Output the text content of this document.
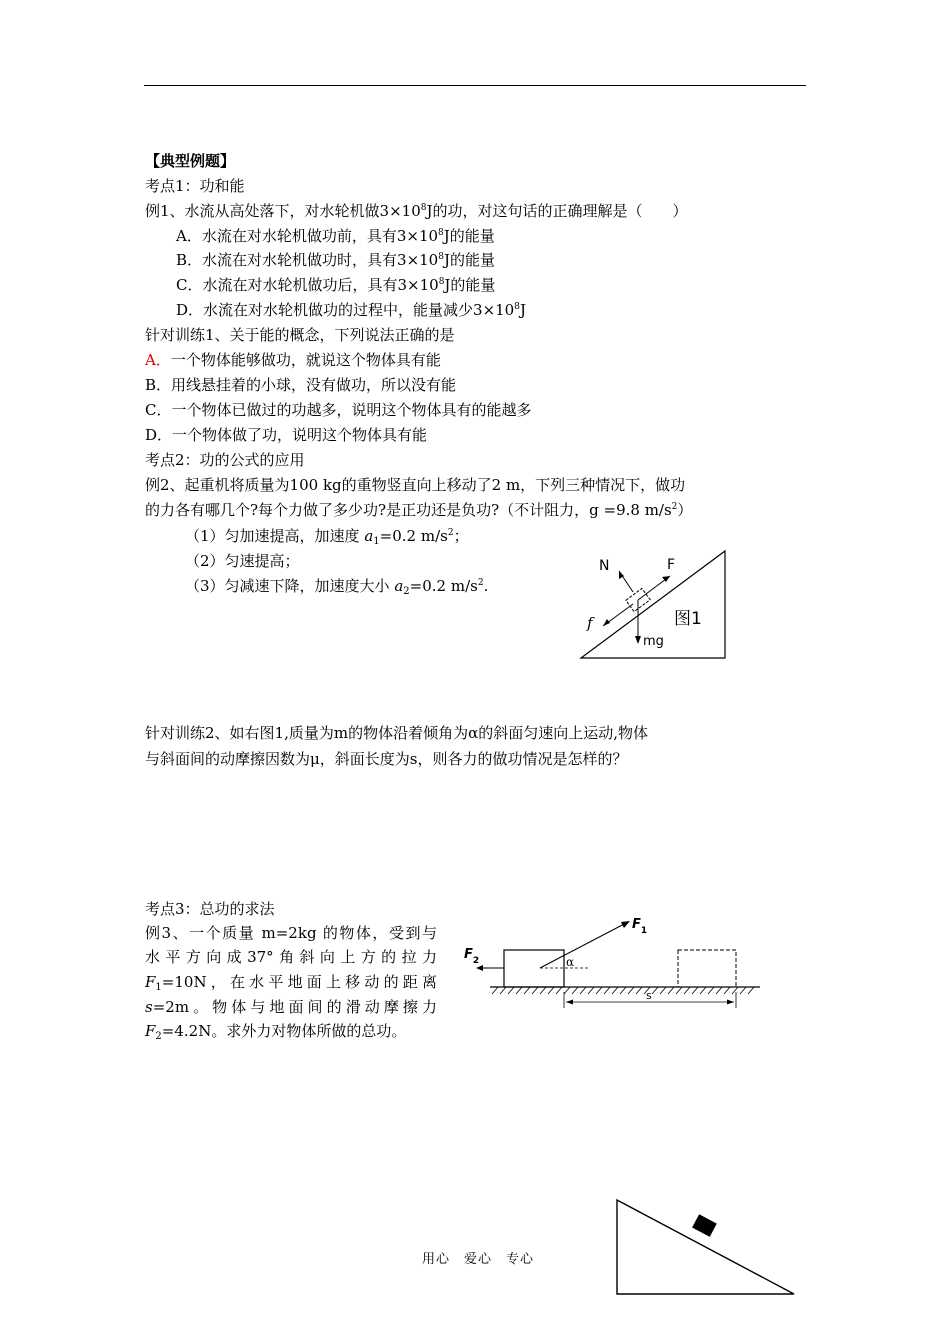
【典型例题】
考点1：功和能
例1、水流从高处落下，对水轮机做$3\times 10^8J$的功，对这句话的正确理解是（　　）
A．水流在对水轮机做功前，具有$3\times 10^8J$的能量
B．水流在对水轮机做功时，具有$3\times 10^8J$的能量
C．水流在对水轮机做功后，具有$3\times 10^8J$的能量
D．水流在对水轮机做功的过程中，能量减少$3\times 10^8J$
针对训练1、关于能的概念，下列说法正确的是
A．一个物体能够做功，就说这个物体具有能
B．用线悬挂着的小球，没有做功，所以没有能
C．一个物体已做过的功越多，说明这个物体具有的能越多
D．一个物体做了功，说明这个物体具有能
考点2：功的公式的应用
例2、起重机将质量为100 kg的重物竖直向上移动了2 m，下列三种情况下，做功
的力各有哪几个?每个力做了多少功?是正功还是负功?（不计阻力，g =9.8 $m/s^2$）
（1）匀加速提高，加速度 $a_1=0.2$ $m/s^2$；
（2）匀速提高；
（3）匀减速下降，加速度大小 $a_2=0.2$ $m/s^2$.
N	F
f
mg
图1
针对训练2、如右图1,质量为m的物体沿着倾角为α的斜面匀速向上运动,物体
与斜面间的动摩擦因数为μ，斜面长度为s，则各力的做功情况是怎样的？
考点3：总功的求法
例3、一个质量 m=2kg 的物体，受到与
水平方向成37°角斜向上方的拉力
$F_1=10N$，在水平地面上移动的距离
s=2m。物体与地面间的滑动摩擦力
$F_2=4.2N$。求外力对物体所做的总功。
$F_1$
$F_2$	α
s
用心　爱心　专心
